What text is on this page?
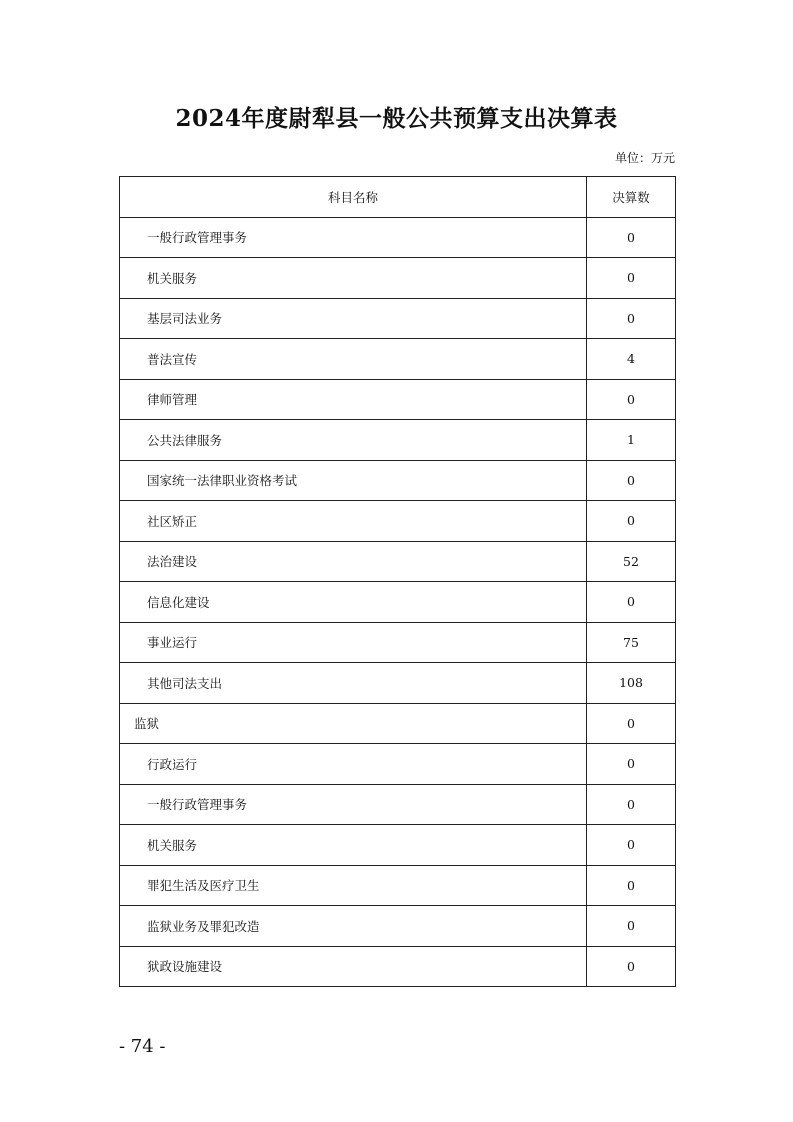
2024年度尉犁县一般公共预算支出决算表
单位：万元
科目名称	决算数
一般行政管理事务	0
机关服务	0
基层司法业务	0
普法宣传	4
律师管理	0
公共法律服务	1
国家统一法律职业资格考试	0
社区矫正	0
法治建设	52
信息化建设	0
事业运行	75
其他司法支出	108
监狱	0
行政运行	0
一般行政管理事务	0
机关服务	0
罪犯生活及医疗卫生	0
监狱业务及罪犯改造	0
狱政设施建设	0
- 74 -
